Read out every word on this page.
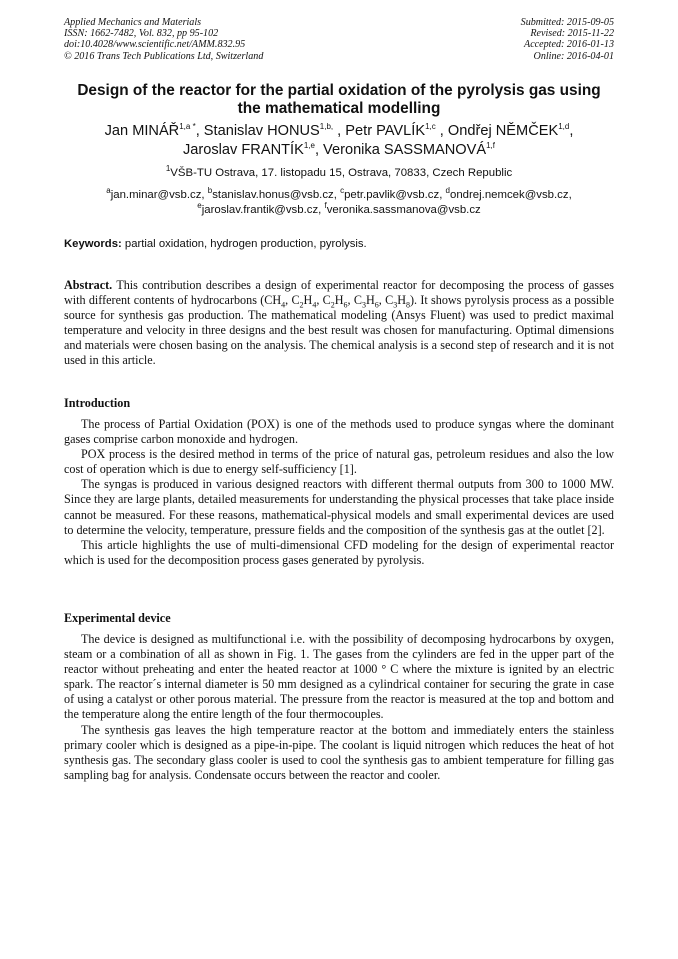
Applied Mechanics and Materials
ISSN: 1662-7482, Vol. 832, pp 95-102
doi:10.4028/www.scientific.net/AMM.832.95
© 2016 Trans Tech Publications Ltd, Switzerland
Submitted: 2015-09-05
Revised: 2015-11-22
Accepted: 2016-01-13
Online: 2016-04-01
Design of the reactor for the partial oxidation of the pyrolysis gas using
the mathematical modelling
Jan $MINÁŘ^{1,a *}$, Stanislav $HONUS^{1,b,}$ , Petr PAVLÍK$^{1,c}$ , Ondřej NĚMČEK$^{1,d}$,
Jaroslav FRANTÍK$^{1,e}$, Veronika SASSMANOVÁ$^{1,f}$
$^1$VŠB-TU Ostrava, 17. listopadu 15, Ostrava, 70833, Czech Republic
$^a$jan.minar@vsb.cz, $^b$stanislav.honus@vsb.cz, $^c$petr.pavlik@vsb.cz, $^d$ondrej.nemcek@vsb.cz,
$^e$jaroslav.frantik@vsb.cz, $^f$veronika.sassmanova@vsb.cz
Keywords: partial oxidation, hydrogen production, pyrolysis.

Abstract. This contribution describes a design of experimental reactor for decomposing the process of gasses with different contents of hydrocarbons ($CH_4$, $C_2H_4$, $C_2H_6$, $C_3H_6$, $C_3H_8$). It shows pyrolysis process as a possible source for synthesis gas production. The mathematical modeling (Ansys Fluent) was used to predict maximal temperature and velocity in three designs and the best result was chosen for manufacturing. Optimal dimensions and materials were chosen basing on the analysis. The chemical analysis is a second step of research and it is not used in this article.

Introduction

The process of Partial Oxidation (POX) is one of the methods used to produce syngas where the dominant gases comprise carbon monoxide and hydrogen.

POX process is the desired method in terms of the price of natural gas, petroleum residues and also the low cost of operation which is due to energy self-sufficiency [1].

The syngas is produced in various designed reactors with different thermal outputs from 300 to 1000 MW. Since they are large plants, detailed measurements for understanding the physical processes that take place inside cannot be measured. For these reasons, mathematical-physical models and small experimental devices are used to determine the velocity, temperature, pressure fields and the composition of the synthesis gas at the outlet [2].

This article highlights the use of multi-dimensional CFD modeling for the design of experimental reactor which is used for the decomposition process gases generated by pyrolysis.

Experimental device

The device is designed as multifunctional i.e. with the possibility of decomposing hydrocarbons by oxygen, steam or a combination of all as shown in Fig. 1. The gases from the cylinders are fed in the upper part of the reactor without preheating and enter the heated reactor at 1000 ° C where the mixture is ignited by an electric spark. The reactor´s internal diameter is 50 mm designed as a cylindrical container for securing the grate in case of using a catalyst or other porous material. The pressure from the reactor is measured at the top and bottom and the temperature along the entire length of the four thermocouples.

The synthesis gas leaves the high temperature reactor at the bottom and immediately enters the stainless primary cooler which is designed as a pipe-in-pipe. The coolant is liquid nitrogen which reduces the heat of hot synthesis gas. The secondary glass cooler is used to cool the synthesis gas to ambient temperature for filling gas sampling bag for analysis. Condensate occurs between the reactor and cooler.
